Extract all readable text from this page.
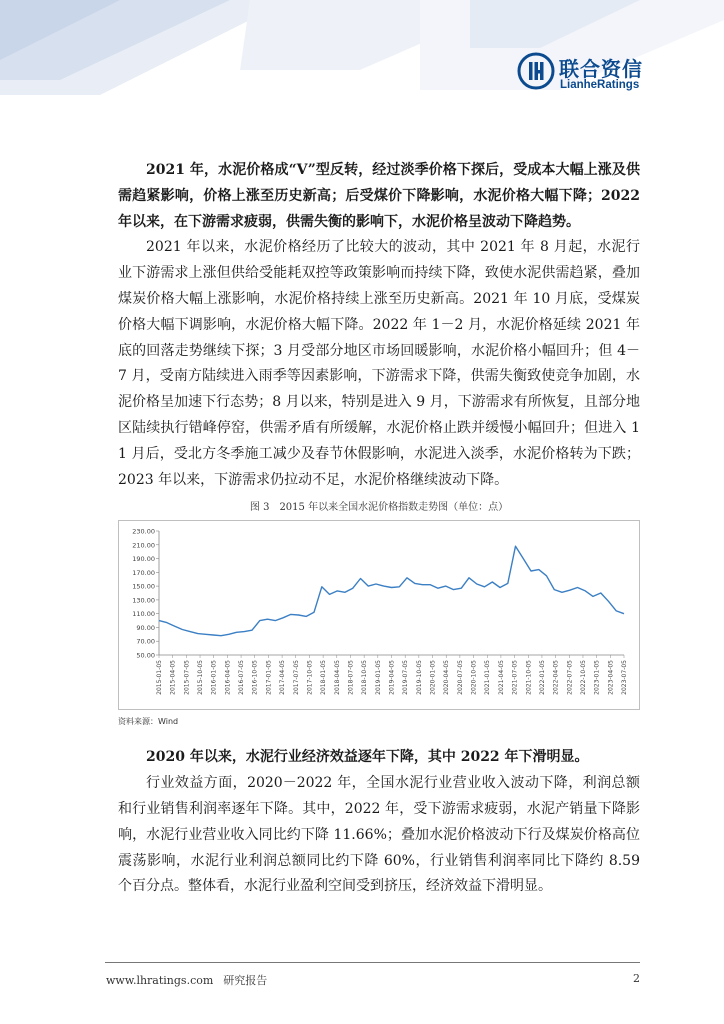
联合资信
LianheRatings

2021 年，水泥价格成“V”型反转，经过淡季价格下探后，受成本大幅上涨及供需趋紧影响，价格上涨至历史新高；后受煤价下降影响，水泥价格大幅下降；2022 年以来，在下游需求疲弱，供需失衡的影响下，水泥价格呈波动下降趋势。

2021 年以来，水泥价格经历了比较大的波动，其中 2021 年 8 月起，水泥行业下游需求上涨但供给受能耗双控等政策影响而持续下降，致使水泥供需趋紧，叠加煤炭价格大幅上涨影响，水泥价格持续上涨至历史新高。2021 年 10 月底，受煤炭价格大幅下调影响，水泥价格大幅下降。2022 年 1－2 月，水泥价格延续 2021 年底的回落走势继续下探；3 月受部分地区市场回暖影响，水泥价格小幅回升；但 4－7 月，受南方陆续进入雨季等因素影响，下游需求下降，供需失衡致使竞争加剧，水泥价格呈加速下行态势；8 月以来，特别是进入 9 月，下游需求有所恢复，且部分地区陆续执行错峰停窑，供需矛盾有所缓解，水泥价格止跌并缓慢小幅回升；但进入 11 月后，受北方冬季施工减少及春节休假影响，水泥进入淡季，水泥价格转为下跌；2023 年以来，下游需求仍拉动不足，水泥价格继续波动下降。

图 3　2015 年以来全国水泥价格指数走势图（单位：点）
230.00
210.00
190.00
170.00
150.00
130.00
110.00
90.00
70.00
50.00
2015-01-05 2015-04-05 2015-07-05 2015-10-05 2016-01-05 2016-04-05 2016-07-05 2016-10-05 2017-01-05 2017-04-05 2017-07-05 2017-10-05 2018-01-05 2018-04-05 2018-07-05 2018-10-05 2019-01-05 2019-04-05 2019-07-05 2019-10-05 2020-01-05 2020-04-05 2020-07-05 2020-10-05 2021-01-05 2021-04-05 2021-07-05 2021-10-05 2022-01-05 2022-04-05 2022-07-05 2022-10-05 2023-01-05 2023-04-05 2023-07-05
资料来源：Wind

2020 年以来，水泥行业经济效益逐年下降，其中 2022 年下滑明显。

行业效益方面，2020－2022 年，全国水泥行业营业收入波动下降，利润总额和行业销售利润率逐年下降。其中，2022 年，受下游需求疲弱，水泥产销量下降影响，水泥行业营业收入同比约下降 11.66%；叠加水泥价格波动下行及煤炭价格高位震荡影响，水泥行业利润总额同比约下降 60%，行业销售利润率同比下降约 8.59 个百分点。整体看，水泥行业盈利空间受到挤压，经济效益下滑明显。

www.lhratings.com 研究报告	2
